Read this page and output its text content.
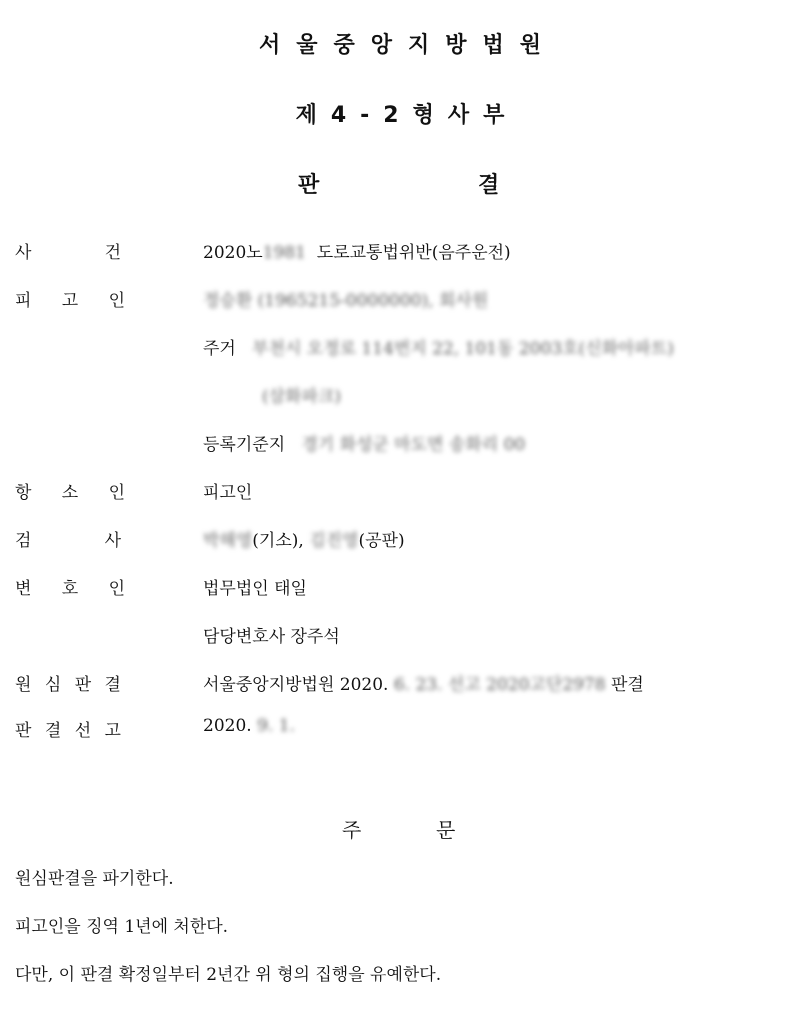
서울중앙지방법원
제4-2형사부
판	결
사	건	2020노1981 도로교통법위반(음주운전)
피 고 인	정승환 (1965215-0000000), 회사원
주거 부천시 오정로 114번지 22, 101동 2003호(신화아파트)
(삼화파크)
등록기준지 경기 화성군 마도면 송화리 00
항 소 인	피고인
검	사	박해영(기소), 김진영(공판)
변 호 인	법무법인 태일
담당변호사 장주석
원 심 판 결	서울중앙지방법원 2020. 6. 23. 선고 2020고단2978 판결
판 결 선 고	2020. 9. 1.
주	문
원심판결을 파기한다.
피고인을 징역 1년에 처한다.
다만, 이 판결 확정일부터 2년간 위 형의 집행을 유예한다.
